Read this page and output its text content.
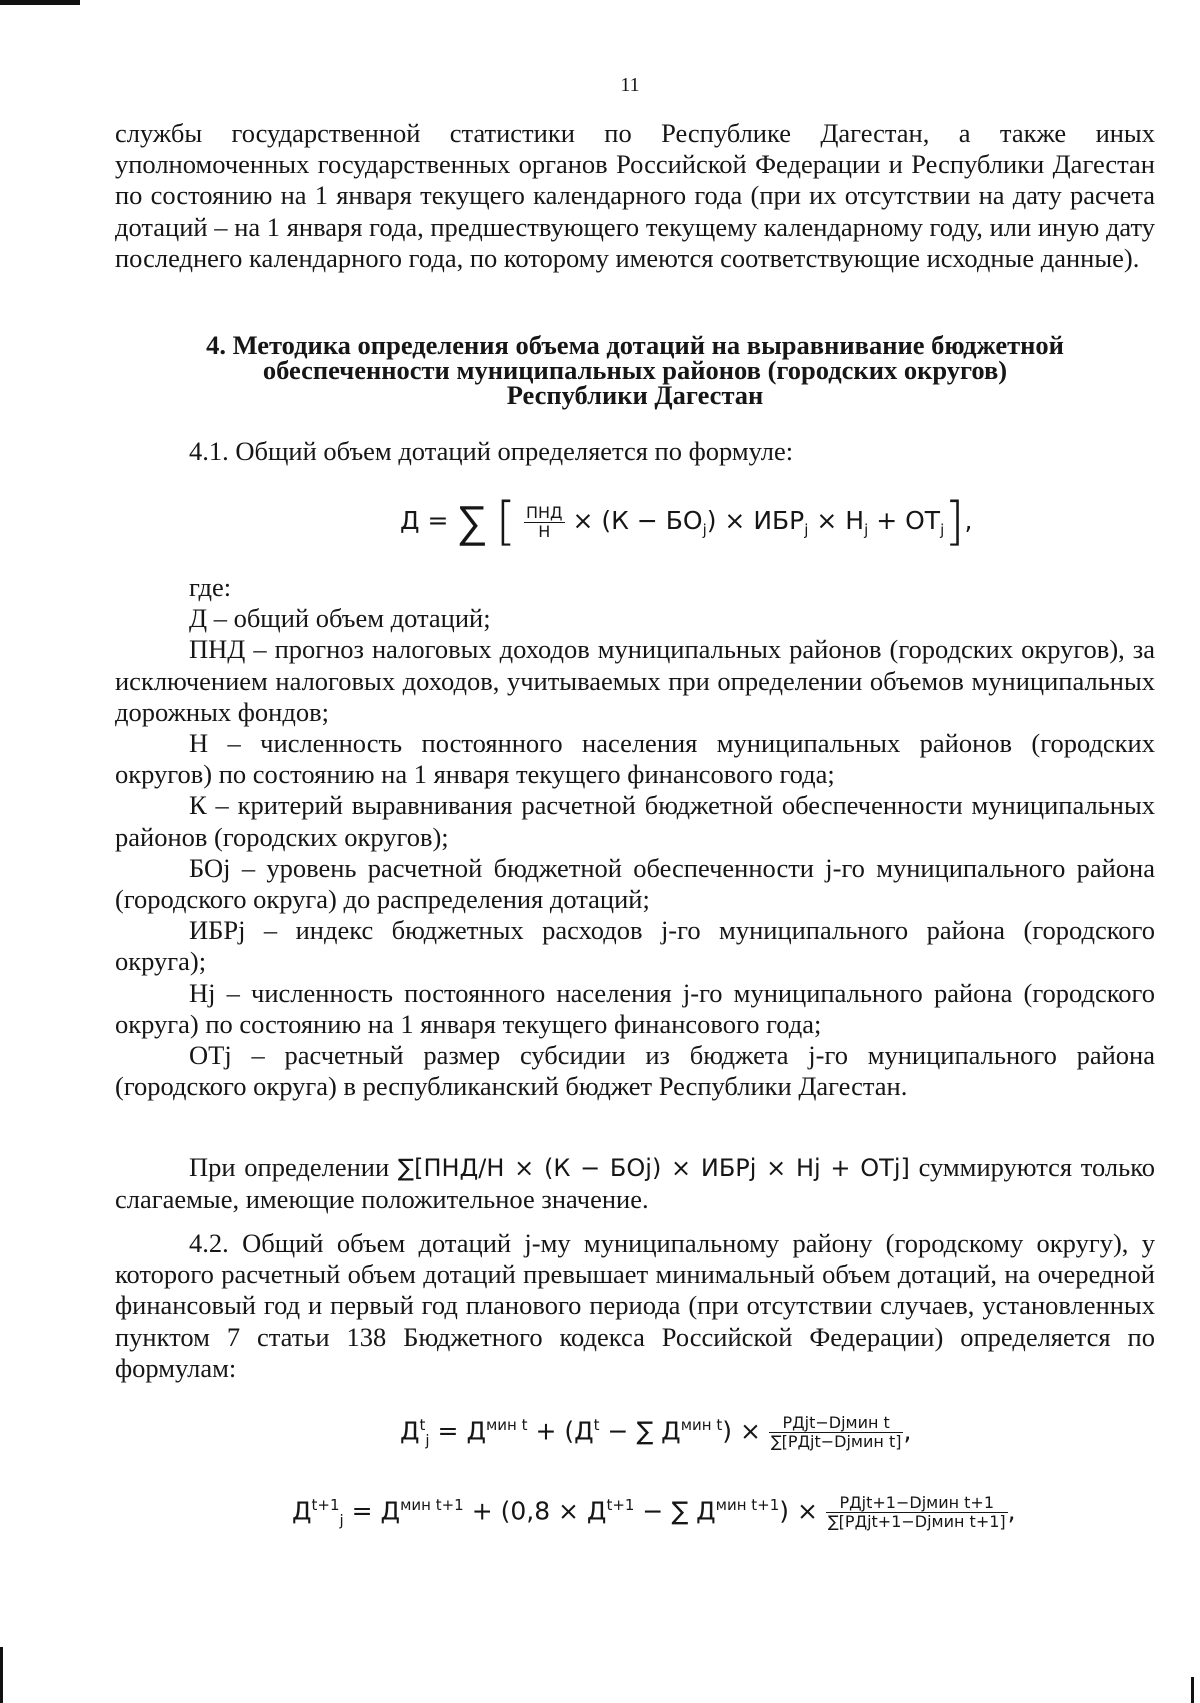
11

службы государственной статистики по Республике Дагестан, а также иных уполномоченных государственных органов Российской Федерации и Республики Дагестан по состоянию на 1 января текущего календарного года (при их отсутствии на дату расчета дотаций – на 1 января года, предшествующего текущему календарному году, или иную дату последнего календарного года, по которому имеются соответствующие исходные данные).

4. Методика определения объема дотаций на выравнивание бюджетной
обеспеченности муниципальных районов (городских округов)
Республики Дагестан

4.1. Общий объем дотаций определяется по формуле:

Д = ∑ [ $\frac{\text{ПНД}}{Н} \times (К - БО_j) \times ИБР_j \times Н_j + ОТ_j$],

где:

Д – общий объем дотаций;

ПНД – прогноз налоговых доходов муниципальных районов (городских округов), за исключением налоговых доходов, учитываемых при определении объемов муниципальных дорожных фондов;

Н – численность постоянного населения муниципальных районов (городских округов) по состоянию на 1 января текущего финансового года;

К – критерий выравнивания расчетной бюджетной обеспеченности муниципальных районов (городских округов);

БОj – уровень расчетной бюджетной обеспеченности j-го муниципального района (городского округа) до распределения дотаций;

ИБРj – индекс бюджетных расходов j-го муниципального района (городского округа);

Нj – численность постоянного населения j-го муниципального района (городского округа) по состоянию на 1 января текущего финансового года;

ОТj – расчетный размер субсидии из бюджета j-го муниципального района (городского округа) в республиканский бюджет Республики Дагестан.

При определении ∑[ПНД/Н × (К − БОj) × ИБРj × Нj + ОТj] суммируются только слагаемые, имеющие положительное значение.

4.2. Общий объем дотаций j-му муниципальному району (городскому округу), у которого расчетный объем дотаций превышает минимальный объем дотаций, на очередной финансовый год и первый год планового периода (при отсутствии случаев, установленных пунктом 7 статьи 138 Бюджетного кодекса Российской Федерации) определяется по формулам:

$Д^t_j = Д^{мин t} + (Д^t$ − ∑ $Д^{мин t}) \times \frac{\text{РДjt−Djмин t}}{\text{∑[РДjt−Djмин t]}}$ ,
$Д^{t+1}_j = Д^{мин t+1} + (0,8 \times Д^{t+1}$ − ∑ $Д^{мин t+1}) \times \frac{\text{РДjt+1−Djмин t+1}}{\text{∑[РДjt+1−Djмин t+1]}}$ ,
